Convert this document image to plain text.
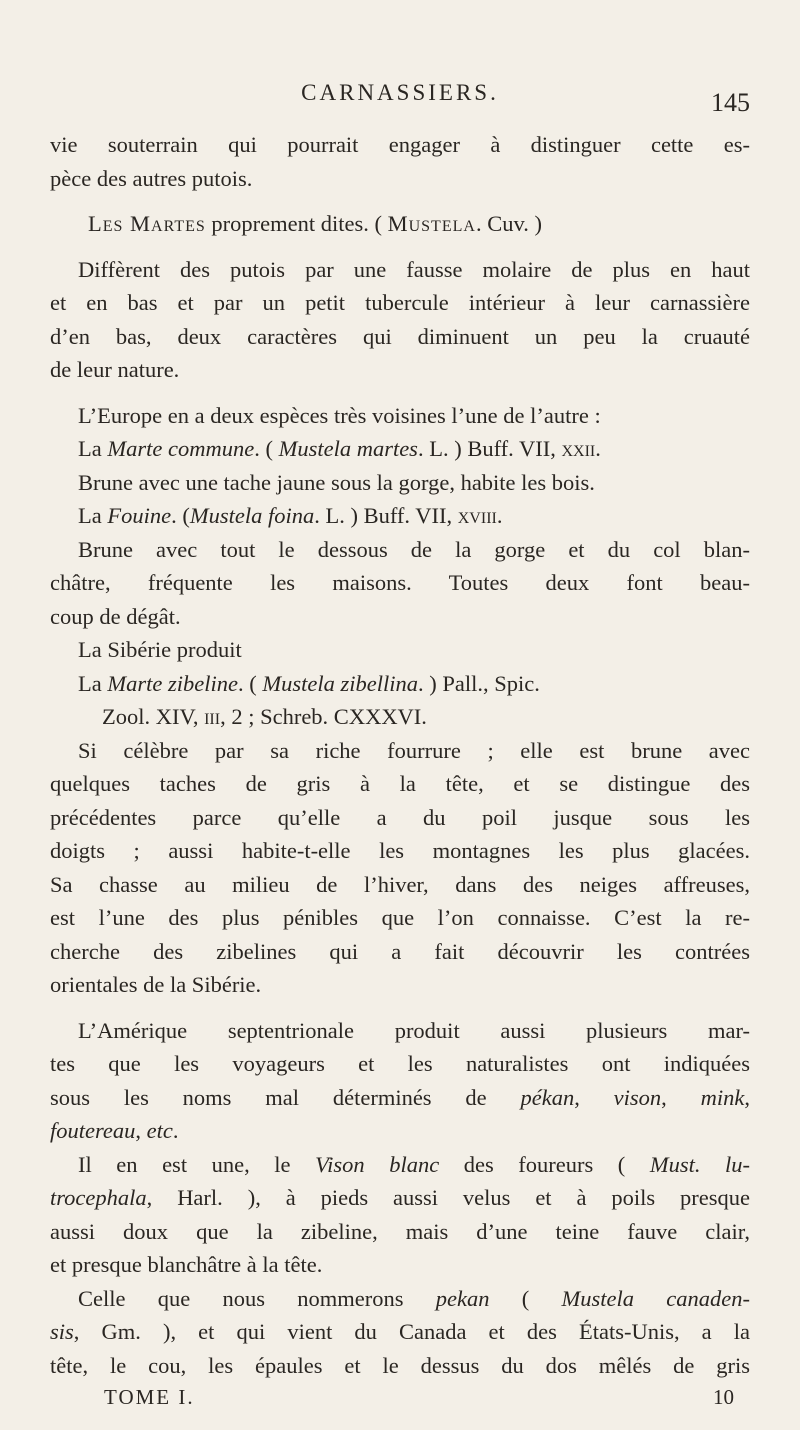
CARNASSIERS.	145
vie souterrain qui pourrait engager à distinguer cette es-
pèce des autres putois.
Les Martes proprement dites. ( Mustela. Cuv. )
Diffèrent des putois par une fausse molaire de plus en haut
et en bas et par un petit tubercule intérieur à leur carnassière
d’en bas, deux caractères qui diminuent un peu la cruauté
de leur nature.
L’Europe en a deux espèces très voisines l’une de l’autre :
La Marte commune. ( Mustela martes. L. ) Buff. VII, xxii.
Brune avec une tache jaune sous la gorge, habite les bois.
La Fouine. (Mustela foina. L. ) Buff. VII, xviii.
Brune avec tout le dessous de la gorge et du col blan-
châtre, fréquente les maisons. Toutes deux font beau-
coup de dégât.
La Sibérie produit
La Marte zibeline. ( Mustela zibellina. ) Pall., Spic.
Zool. XIV, iii, 2 ; Schreb. CXXXVI.
Si célèbre par sa riche fourrure ; elle est brune avec
quelques taches de gris à la tête, et se distingue des
précédentes parce qu’elle a du poil jusque sous les
doigts ; aussi habite-t-elle les montagnes les plus glacées.
Sa chasse au milieu de l’hiver, dans des neiges affreuses,
est l’une des plus pénibles que l’on connaisse. C’est la re-
cherche des zibelines qui a fait découvrir les contrées
orientales de la Sibérie.
L’Amérique septentrionale produit aussi plusieurs mar-
tes que les voyageurs et les naturalistes ont indiquées
sous les noms mal déterminés de pékan, vison, mink,
foutereau, etc.
Il en est une, le Vison blanc des foureurs ( Must. lu-
trocephala, Harl. ), à pieds aussi velus et à poils presque
aussi doux que la zibeline, mais d’une teine fauve clair,
et presque blanchâtre à la tête.
Celle que nous nommerons pekan ( Mustela canaden-
sis, Gm. ), et qui vient du Canada et des États-Unis, a la
tête, le cou, les épaules et le dessus du dos mêlés de gris
TOME I.	10
